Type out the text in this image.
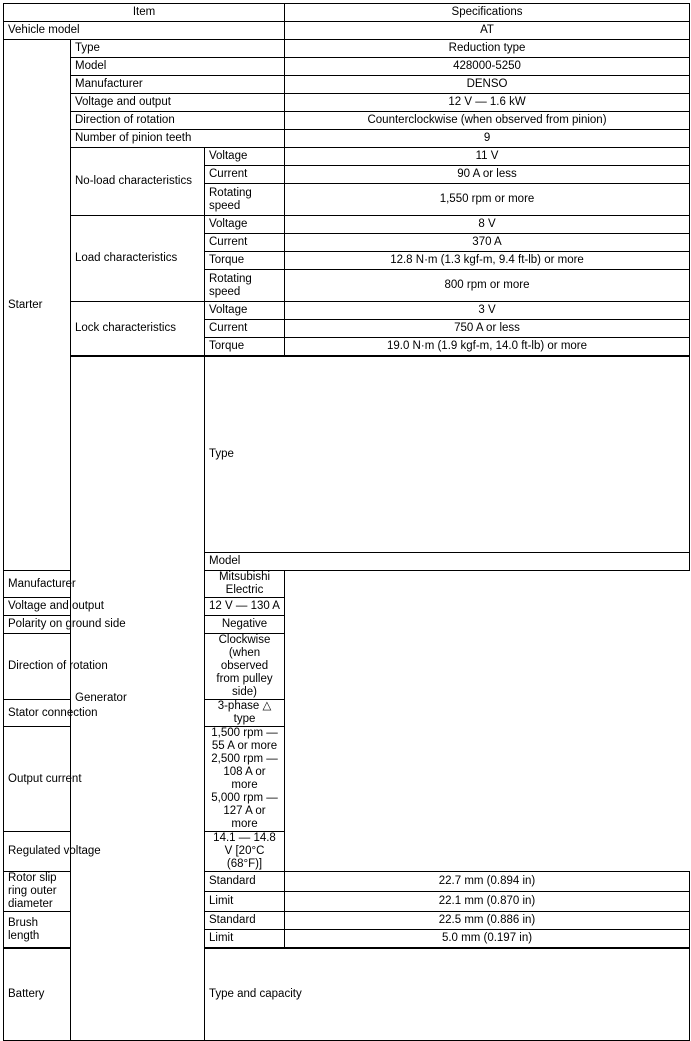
Item			Specifications	
Vehicle model			AT	
Starter	Type		Reduction type	
	Model		428000-5250	
	Manufacturer		DENSO	
	Voltage and output		12 V — 1.6 kW	
	Direction of rotation		Counterclockwise (when observed from pinion)	
	Number of pinion teeth		9	
	No-load characteristics	Voltage	11 V	
		Current	90 A or less	
		Rotating speed	1,550 rpm or more	
	Load characteristics	Voltage	8 V	
		Current	370 A	
		Torque	12.8 N·m (1.3 kgf-m, 9.4 ft-lb) or more	
		Rotating speed	800 rpm or more	
	Lock characteristics	Voltage	3 V	
		Current	750 A or less	
		Torque	19.0 N·m (1.9 kgf-m, 14.0 ft-lb) or more	
	Generator	Type	
		Model	
Manufacturer		Mitsubishi Electric		
Voltage and output		12 V — 130 A		
Polarity on ground side		Negative		
Direction of rotation		Clockwise (when observed from pulley side)		
Stator connection		3-phase △ type		
Output current		1,500 rpm — 55 A or more
2,500 rpm — 108 A or more
5,000 rpm — 127 A or more		

Regulated voltage		14.1 — 14.8 V [20°C (68°F)]		
Rotor slip ring outer diameter		Standard	22.7 mm (0.894 in)	
		Limit	22.1 mm (0.870 in)	
Brush length		Standard	22.5 mm (0.886 in)	
		Limit	5.0 mm (0.197 in)	
Battery		Type and capacity	
